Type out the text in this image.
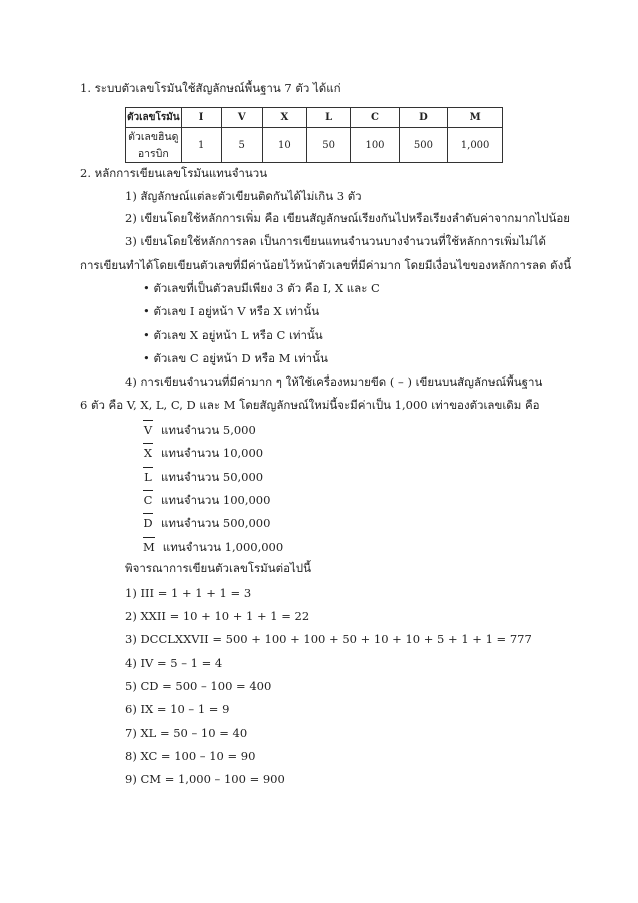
1. ระบบตัวเลขโรมันใช้สัญลักษณ์พื้นฐาน 7 ตัว ได้แก่
ตัวเลขโรมัน	I	V	X	L	C	D	M
ตัวเลขฮินดูอารบิก	1	5	10	50	100	500	1,000
2. หลักการเขียนเลขโรมันแทนจำนวน
1) สัญลักษณ์แต่ละตัวเขียนติดกันได้ไม่เกิน 3 ตัว
2) เขียนโดยใช้หลักการเพิ่ม คือ เขียนสัญลักษณ์เรียงกันไปหรือเรียงลำดับค่าจากมากไปน้อย
3) เขียนโดยใช้หลักการลด เป็นการเขียนแทนจำนวนบางจำนวนที่ใช้หลักการเพิ่มไม่ได้
การเขียนทำได้โดยเขียนตัวเลขที่มีค่าน้อยไว้หน้าตัวเลขที่มีค่ามาก โดยมีเงื่อนไขของหลักการลด ดังนี้
• ตัวเลขที่เป็นตัวลบมีเพียง 3 ตัว คือ I, X และ C
• ตัวเลข I อยู่หน้า V หรือ X เท่านั้น
• ตัวเลข X อยู่หน้า L หรือ C เท่านั้น
• ตัวเลข C อยู่หน้า D หรือ M เท่านั้น
4) การเขียนจำนวนที่มีค่ามาก ๆ ให้ใช้เครื่องหมายขีด ( – ) เขียนบนสัญลักษณ์พื้นฐาน
6 ตัว คือ V, X, L, C, D และ M โดยสัญลักษณ์ใหม่นี้จะมีค่าเป็น 1,000 เท่าของตัวเลขเดิม คือ
V แทนจำนวน 5,000
X แทนจำนวน 10,000
L แทนจำนวน 50,000
C แทนจำนวน 100,000
D แทนจำนวน 500,000
M แทนจำนวน 1,000,000
พิจารณาการเขียนตัวเลขโรมันต่อไปนี้
1) III = 1 + 1 + 1 = 3
2) XXII = 10 + 10 + 1 + 1 = 22
3) DCCLXXVII = 500 + 100 + 100 + 50 + 10 + 10 + 5 + 1 + 1 = 777
4) IV = 5 – 1 = 4
5) CD = 500 – 100 = 400
6) IX = 10 – 1 = 9
7) XL = 50 – 10 = 40
8) XC = 100 – 10 = 90
9) CM = 1,000 – 100 = 900
